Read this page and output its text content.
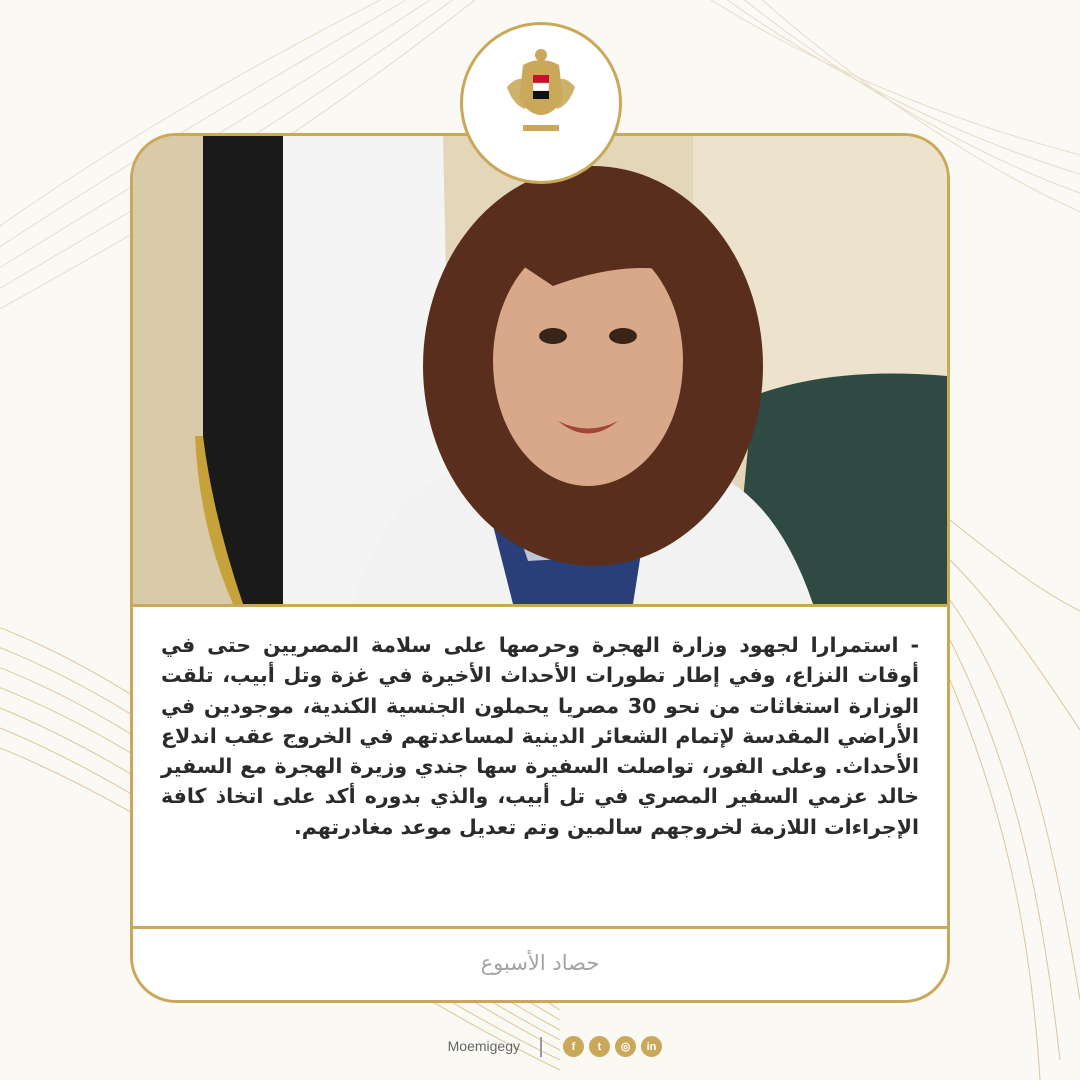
- استمرارا لجهود وزارة الهجرة وحرصها على سلامة المصريين حتى في أوقات النزاع، وفي إطار تطورات الأحداث الأخيرة في غزة وتل أبيب، تلقت الوزارة استغاثات من نحو 30 مصريا يحملون الجنسية الكندية، موجودين في الأراضي المقدسة لإتمام الشعائر الدينية لمساعدتهم في الخروج عقب اندلاع الأحداث. وعلى الفور، تواصلت السفيرة سها جندي وزيرة الهجرة مع السفير خالد عزمي السفير المصري في تل أبيب، والذي بدوره أكد على اتخاذ كافة الإجراءات اللازمة لخروجهم سالمين وتم تعديل موعد مغادرتهم.
حصاد الأسبوع
Moemigegy	f	t	◎	in
